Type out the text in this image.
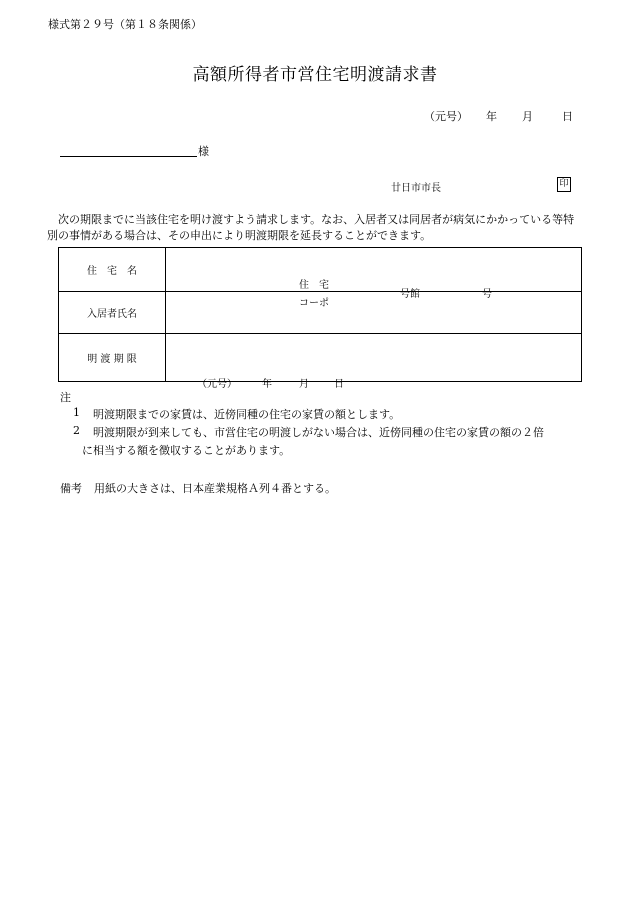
様式第２９号（第１８条関係）
高額所得者市営住宅明渡請求書
（元号） 年 月	日
様
廿日市市長	印
次の期限までに当該住宅を明け渡すよう請求します。なお、入居者又は同居者が病気にかかっている等特別の事情がある場合は、その申出により明渡期限を延長することができます。
住　宅　名	住　宅
コーポ
号館 号

入居者氏名	
明 渡 期 限	（元号） 年 月 日
注
1 明渡期限までの家賃は、近傍同種の住宅の家賃の額とします。
2 明渡期限が到来しても、市営住宅の明渡しがない場合は、近傍同種の住宅の家賃の額の２倍
に相当する額を徴収することがあります。
備考 用紙の大きさは、日本産業規格Ａ列４番とする。
